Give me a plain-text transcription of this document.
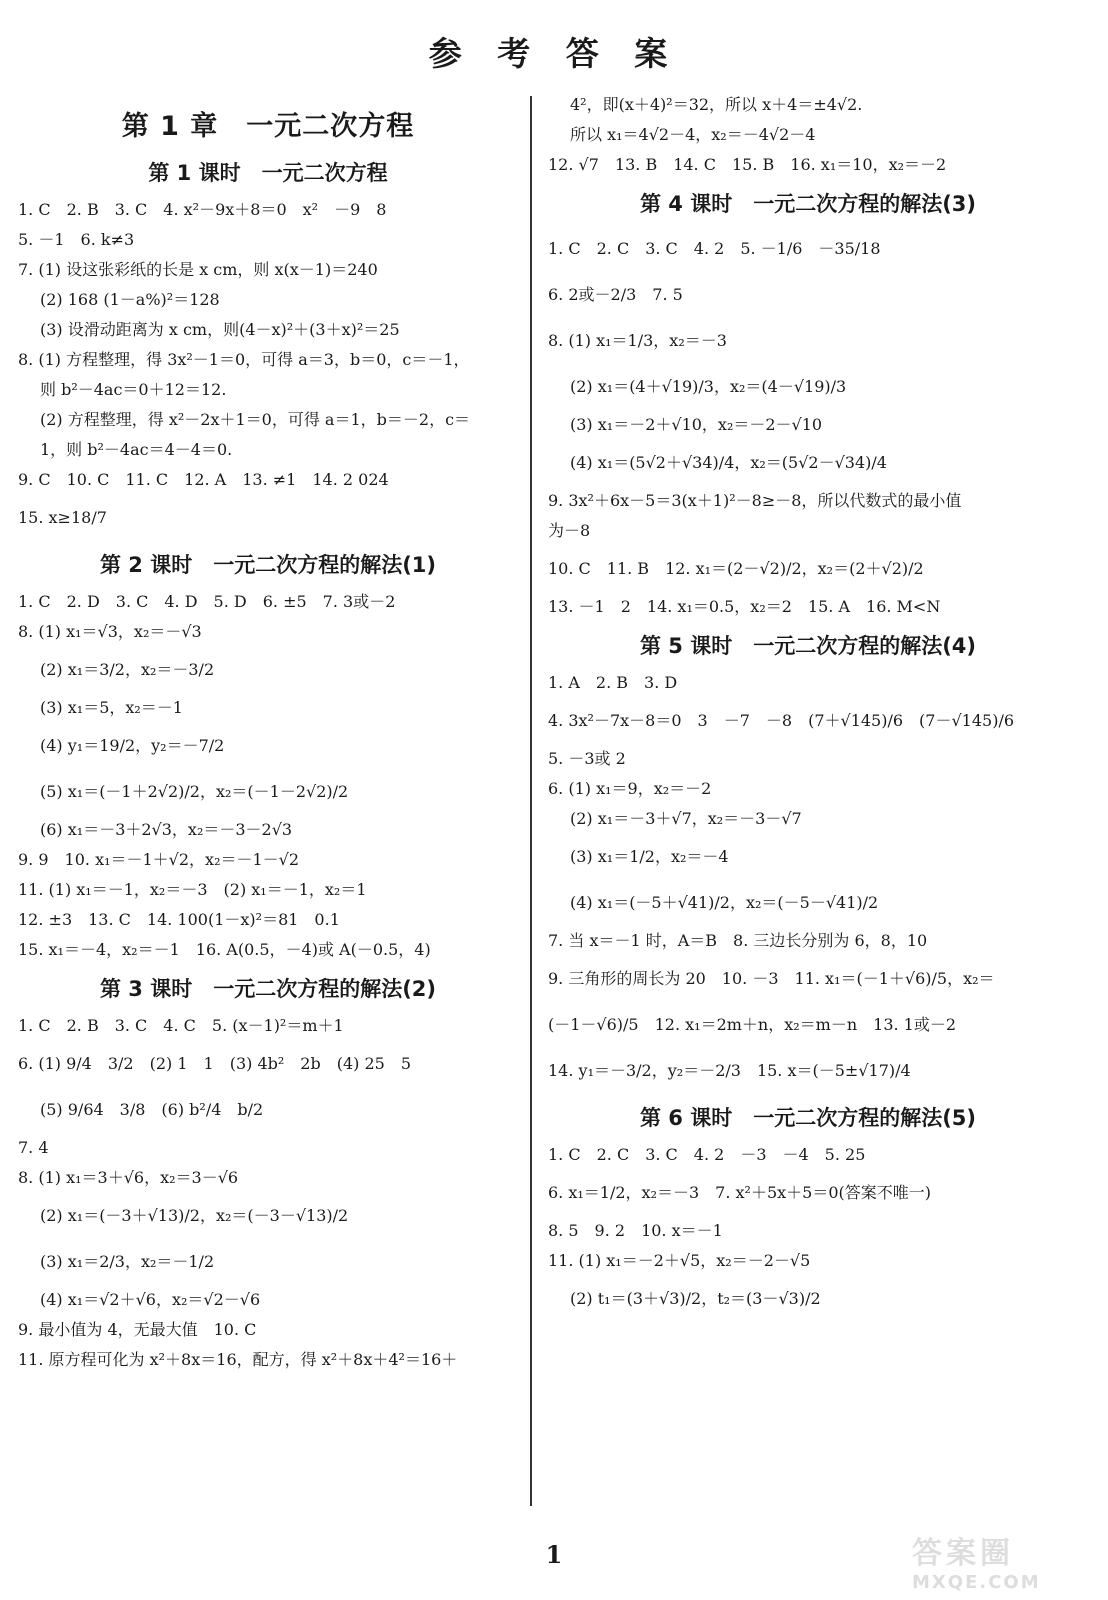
参 考 答 案
第 1 章　一元二次方程
第 1 课时　一元二次方程
1. C　2. B　3. C　4. x²－9x＋8＝0　x²　－9　8
5. －1　6. k≠3
7. (1) 设这张彩纸的长是 x cm，则 x(x－1)＝240
(2) 168 (1－a%)²＝128
(3) 设滑动距离为 x cm，则(4－x)²＋(3＋x)²＝25
8. (1) 方程整理，得 3x²－1＝0，可得 a＝3，b＝0，c＝－1，
则 b²－4ac＝0＋12＝12.
(2) 方程整理，得 x²－2x＋1＝0，可得 a＝1，b＝－2，c＝
1，则 b²－4ac＝4－4＝0.
9. C　10. C　11. C　12. A　13. ≠1　14. 2 024
15. x≥18/7
第 2 课时　一元二次方程的解法(1)
1. C　2. D　3. C　4. D　5. D　6. ±5　7. 3或－2
8. (1) x₁＝√3，x₂＝－√3
(2) x₁＝3/2，x₂＝－3/2
(3) x₁＝5，x₂＝－1
(4) y₁＝19/2，y₂＝－7/2
(5) x₁＝(－1＋2√2)/2，x₂＝(－1－2√2)/2
(6) x₁＝－3＋2√3，x₂＝－3－2√3
9. 9　10. x₁＝－1＋√2，x₂＝－1－√2
11. (1) x₁＝－1，x₂＝－3　(2) x₁＝－1，x₂＝1
12. ±3　13. C　14. 100(1－x)²＝81　0.1
15. x₁＝－4，x₂＝－1　16. A(0.5，－4)或 A(－0.5，4)
第 3 课时　一元二次方程的解法(2)
1. C　2. B　3. C　4. C　5. (x－1)²＝m＋1
6. (1) 9/4　3/2　(2) 1　1　(3) 4b²　2b　(4) 25　5
(5) 9/64　3/8　(6) b²/4　b/2
7. 4
8. (1) x₁＝3＋√6，x₂＝3－√6
(2) x₁＝(－3＋√13)/2，x₂＝(－3－√13)/2
(3) x₁＝2/3，x₂＝－1/2
(4) x₁＝√2＋√6，x₂＝√2－√6
9. 最小值为 4，无最大值　10. C
11. 原方程可化为 x²＋8x＝16，配方，得 x²＋8x＋4²＝16＋
4²，即(x＋4)²＝32，所以 x＋4＝±4√2.
所以 x₁＝4√2－4，x₂＝－4√2－4
12. √7　13. B　14. C　15. B　16. x₁＝10，x₂＝－2
第 4 课时　一元二次方程的解法(3)
1. C　2. C　3. C　4. 2　5. －1/6　－35/18
6. 2或－2/3　7. 5
8. (1) x₁＝1/3，x₂＝－3
(2) x₁＝(4＋√19)/3，x₂＝(4－√19)/3
(3) x₁＝－2＋√10，x₂＝－2－√10
(4) x₁＝(5√2＋√34)/4，x₂＝(5√2－√34)/4
9. 3x²＋6x－5＝3(x＋1)²－8≥－8，所以代数式的最小值
为－8
10. C　11. B　12. x₁＝(2－√2)/2，x₂＝(2＋√2)/2
13. －1　2　14. x₁＝0.5，x₂＝2　15. A　16. M<N
第 5 课时　一元二次方程的解法(4)
1. A　2. B　3. D
4. 3x²－7x－8＝0　3　－7　－8　(7＋√145)/6　(7－√145)/6
5. －3或 2
6. (1) x₁＝9，x₂＝－2
(2) x₁＝－3＋√7，x₂＝－3－√7
(3) x₁＝1/2，x₂＝－4
(4) x₁＝(－5＋√41)/2，x₂＝(－5－√41)/2
7. 当 x＝－1 时，A＝B　8. 三边长分别为 6，8，10
9. 三角形的周长为 20　10. －3　11. x₁＝(－1＋√6)/5，x₂＝
(－1－√6)/5　12. x₁＝2m＋n，x₂＝m－n　13. 1或－2
14. y₁＝－3/2，y₂＝－2/3　15. x＝(－5±√17)/4
第 6 课时　一元二次方程的解法(5)
1. C　2. C　3. C　4. 2　－3　－4　5. 25
6. x₁＝1/2，x₂＝－3　7. x²＋5x＋5＝0(答案不唯一)
8. 5　9. 2　10. x＝－1
11. (1) x₁＝－2＋√5，x₂＝－2－√5
(2) t₁＝(3＋√3)/2，t₂＝(3－√3)/2
1	答案圈
MXQE.COM
